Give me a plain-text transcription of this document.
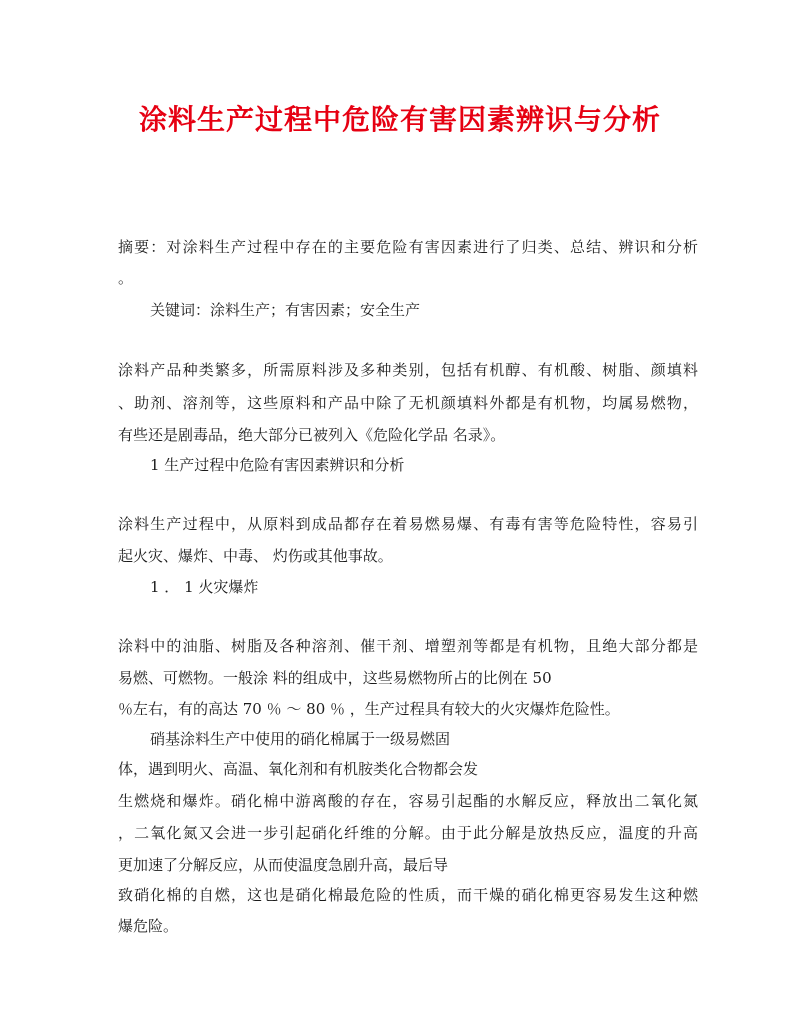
涂料生产过程中危险有害因素辨识与分析
摘要：对涂料生产过程中存在的主要危险有害因素进行了归类、总结、辨识和分析
。
关键词：涂料生产；有害因素；安全生产
涂料产品种类繁多，所需原料涉及多种类别，包括有机醇、有机酸、树脂、颜填料
、助剂、溶剂等，这些原料和产品中除了无机颜填料外都是有机物，均属易燃物，
有些还是剧毒品，绝大部分已被列入《危险化学品 名录》。
1 生产过程中危险有害因素辨识和分析
涂料生产过程中，从原料到成品都存在着易燃易爆、有毒有害等危险特性，容易引
起火灾、爆炸、中毒、 灼伤或其他事故。
1 ． 1 火灾爆炸
涂料中的油脂、树脂及各种溶剂、催干剂、增塑剂等都是有机物，且绝大部分都是
易燃、可燃物。一般涂 料的组成中，这些易燃物所占的比例在 50
％左右，有的高达 70 ％ ～ 80 ％ ，生产过程具有较大的火灾爆炸危险性。
硝基涂料生产中使用的硝化棉属于一级易燃固
体，遇到明火、高温、氧化剂和有机胺类化合物都会发
生燃烧和爆炸。硝化棉中游离酸的存在，容易引起酯的水解反应，释放出二氧化氮
，二氧化氮又会进一步引起硝化纤维的分解。由于此分解是放热反应，温度的升高
更加速了分解反应，从而使温度急剧升高，最后导
致硝化棉的自燃，这也是硝化棉最危险的性质，而干燥的硝化棉更容易发生这种燃
爆危险。
